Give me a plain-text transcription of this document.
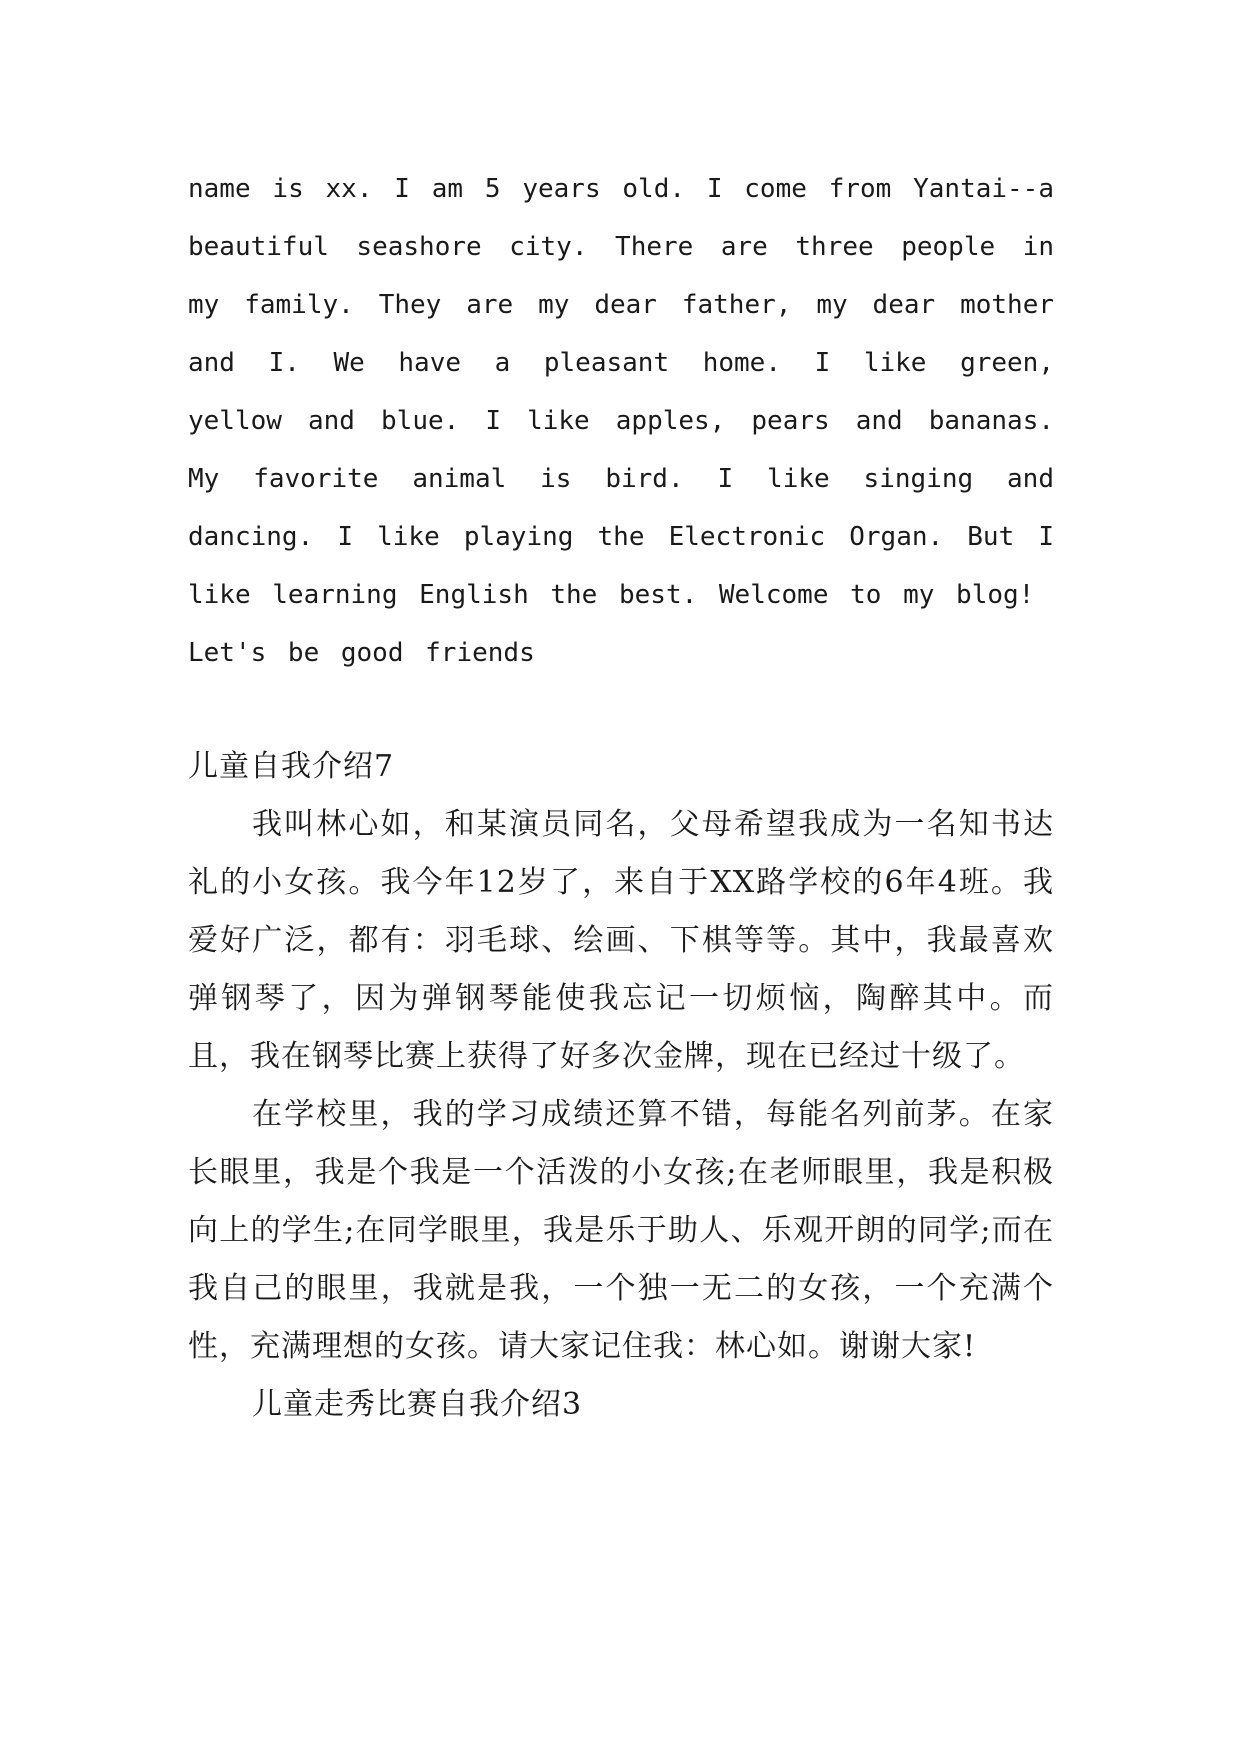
name is xx. I am 5 years old. I come from Yantai--a beautiful seashore city. There are three people in my family. They are my dear father, my dear mother and I. We have a pleasant home. I like green, yellow and blue. I like apples, pears and bananas. My favorite animal is bird. I like singing and dancing. I like playing the Electronic Organ. But I like learning English the best. Welcome to my blog!

Let's be good friends

儿童自我介绍7

我叫林心如，和某演员同名，父母希望我成为一名知书达礼的小女孩。我今年12岁了，来自于XX路学校的6年4班。我爱好广泛，都有：羽毛球、绘画、下棋等等。其中，我最喜欢弹钢琴了，因为弹钢琴能使我忘记一切烦恼，陶醉其中。而且，我在钢琴比赛上获得了好多次金牌，现在已经过十级了。

在学校里，我的学习成绩还算不错，每能名列前茅。在家长眼里，我是个我是一个活泼的小女孩;在老师眼里，我是积极向上的学生;在同学眼里，我是乐于助人、乐观开朗的同学;而在我自己的眼里，我就是我，一个独一无二的女孩，一个充满个性，充满理想的女孩。请大家记住我：林心如。谢谢大家!

儿童走秀比赛自我介绍3
